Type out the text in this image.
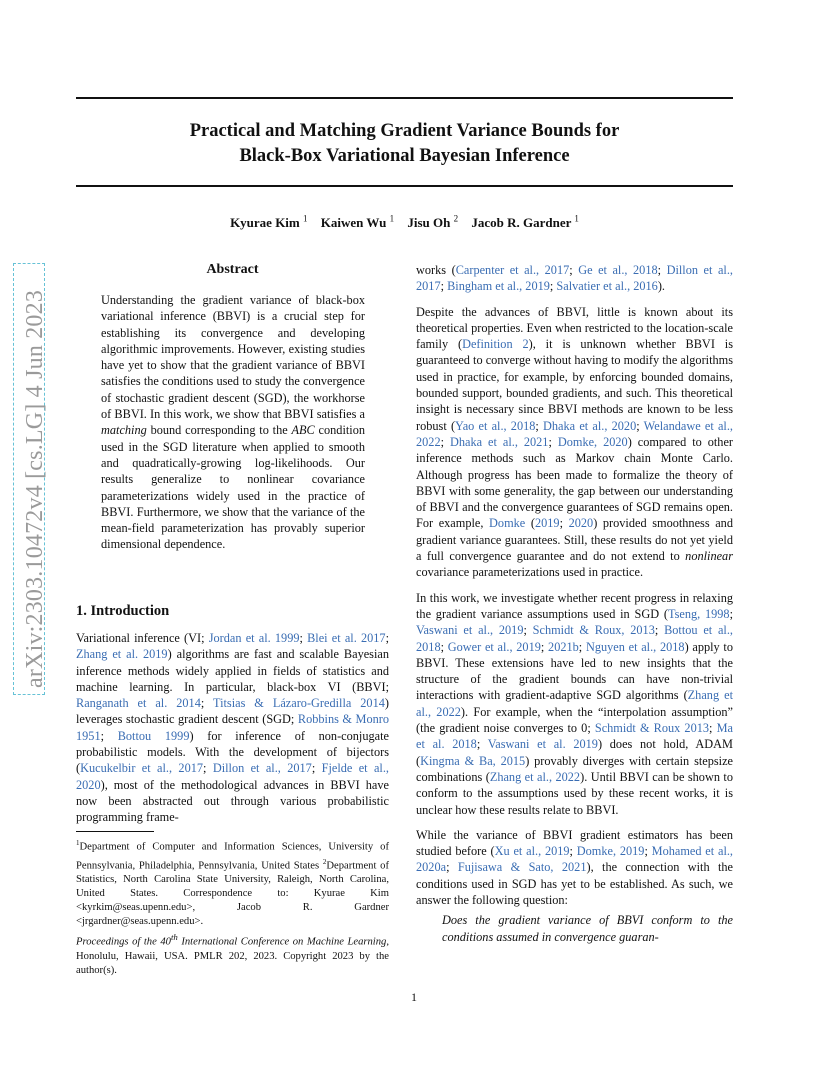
arXiv:2303.10472v4 [cs.LG] 4 Jun 2023
Practical and Matching Gradient Variance Bounds for
Black-Box Variational Bayesian Inference
Kyurae Kim $^1$ Kaiwen Wu $^1$ Jisu Oh $^2$ Jacob R. Gardner $^1$
Abstract
Understanding the gradient variance of black-box variational inference (BBVI) is a crucial step for establishing its convergence and developing algorithmic improvements. However, existing studies have yet to show that the gradient variance of BBVI satisfies the conditions used to study the convergence of stochastic gradient descent (SGD), the workhorse of BBVI. In this work, we show that BBVI satisfies a matching bound corresponding to the ABC condition used in the SGD literature when applied to smooth and quadratically-growing log-likelihoods. Our results generalize to nonlinear covariance parameterizations widely used in the practice of BBVI. Furthermore, we show that the variance of the mean-field parameterization has provably superior dimensional dependence.
1. Introduction

Variational inference (VI; Jordan et al. 1999; Blei et al. 2017; Zhang et al. 2019) algorithms are fast and scalable Bayesian inference methods widely applied in fields of statistics and machine learning. In particular, black-box VI (BBVI; Ranganath et al. 2014; Titsias & Lázaro-Gredilla 2014) leverages stochastic gradient descent (SGD; Robbins & Monro 1951; Bottou 1999) for inference of non-conjugate probabilistic models. With the development of bijectors (Kucukelbir et al., 2017; Dillon et al., 2017; Fjelde et al., 2020), most of the methodological advances in BBVI have now been abstracted out through various probabilistic programming frame-

$^1$Department of Computer and Information Sciences, University of Pennsylvania, Philadelphia, Pennsylvania, United States $^2$Department of Statistics, North Carolina State University, Raleigh, North Carolina, United States. Correspondence to: Kyurae Kim <kyrkim@seas.upenn.edu>, Jacob R. Gardner <jrgardner@seas.upenn.edu>.
Proceedings of the 40th International Conference on Machine Learning, Honolulu, Hawaii, USA. PMLR 202, 2023. Copyright 2023 by the author(s).

works (Carpenter et al., 2017; Ge et al., 2018; Dillon et al., 2017; Bingham et al., 2019; Salvatier et al., 2016).

Despite the advances of BBVI, little is known about its theoretical properties. Even when restricted to the location-scale family (Definition 2), it is unknown whether BBVI is guaranteed to converge without having to modify the algorithms used in practice, for example, by enforcing bounded domains, bounded support, bounded gradients, and such. This theoretical insight is necessary since BBVI methods are known to be less robust (Yao et al., 2018; Dhaka et al., 2020; Welandawe et al., 2022; Dhaka et al., 2021; Domke, 2020) compared to other inference methods such as Markov chain Monte Carlo. Although progress has been made to formalize the theory of BBVI with some generality, the gap between our understanding of BBVI and the convergence guarantees of SGD remains open. For example, Domke (2019; 2020) provided smoothness and gradient variance guarantees. Still, these results do not yet yield a full convergence guarantee and do not extend to nonlinear covariance parameterizations used in practice.

In this work, we investigate whether recent progress in relaxing the gradient variance assumptions used in SGD (Tseng, 1998; Vaswani et al., 2019; Schmidt & Roux, 2013; Bottou et al., 2018; Gower et al., 2019; 2021b; Nguyen et al., 2018) apply to BBVI. These extensions have led to new insights that the structure of the gradient bounds can have non-trivial interactions with gradient-adaptive SGD algorithms (Zhang et al., 2022). For example, when the “interpolation assumption” (the gradient noise converges to 0; Schmidt & Roux 2013; Ma et al. 2018; Vaswani et al. 2019) does not hold, ADAM (Kingma & Ba, 2015) provably diverges with certain stepsize combinations (Zhang et al., 2022). Until BBVI can be shown to conform to the assumptions used by these recent works, it is unclear how these results relate to BBVI.

While the variance of BBVI gradient estimators has been studied before (Xu et al., 2019; Domke, 2019; Mohamed et al., 2020a; Fujisawa & Sato, 2021), the connection with the conditions used in SGD has yet to be established. As such, we answer the following question:

Does the gradient variance of BBVI conform to the conditions assumed in convergence guaran-

1
